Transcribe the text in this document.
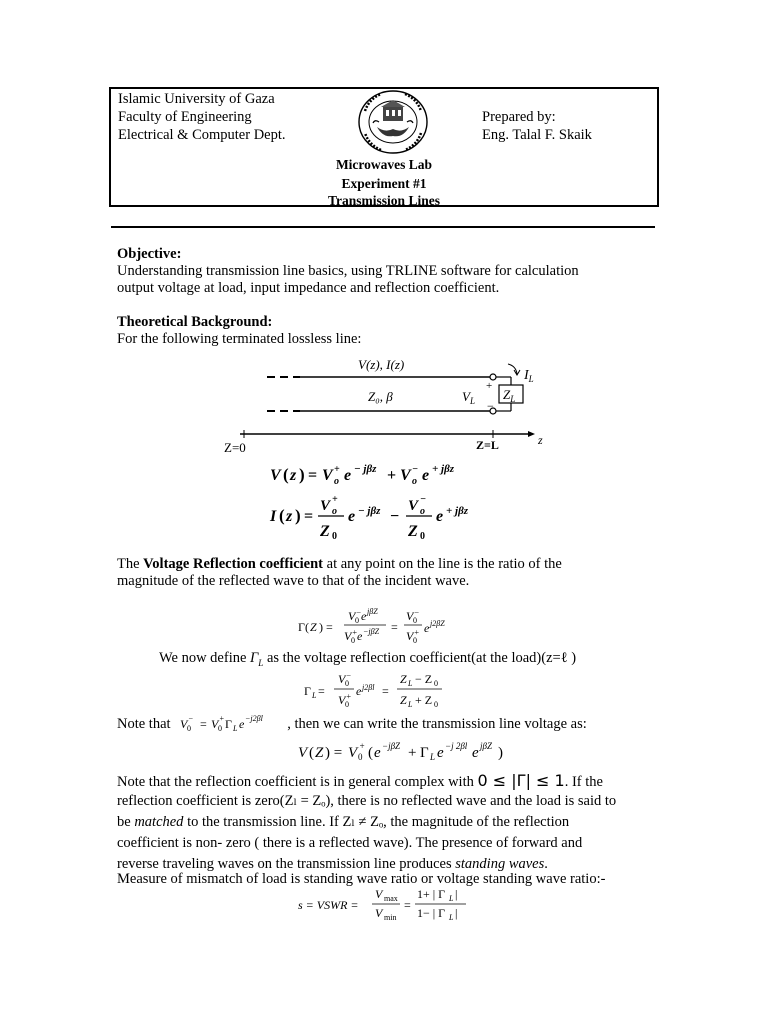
Islamic University of Gaza
Faculty of Engineering
Electrical & Computer Dept.
Prepared by:
Eng. Talal F. Skaik
Microwaves Lab
Experiment #1
Transmission Lines
Objective:
Understanding transmission line basics, using TRLINE software for calculation
output voltage at load, input impedance and reflection coefficient.
Theoretical Background:
For the following terminated lossless line:
+
−
V(z), I(z)
Z₀, β	$V_L$ $Z_L$
$I_L$
Z=0	Z=L	z
V ( z ) = V +
o e − jβz + V −
o e + jβz
I ( z ) =
V +
o
Z 0
e − jβz −
V −
o
Z 0
e + jβz
The Voltage Reflection coefficient at any point on the line is the ratio of the
magnitude of the reflected wave to that of the incident wave.
Γ( Z ) =
V 0
− e jβZ
V 0
+ e −jβZ =
V 0
−
V 0
+ e j2βZ
We now define $\Gamma_L$ as the voltage reflection coefficient(at the load)(z=ℓ )
Γ L =
V 0
−
V 0
+ e j2βl =
Z L − Z 0
Z L + Z 0
Note that	, then we can write the transmission line voltage as:
V 0
− = V 0
+ Γ L e −j2βl
V ( Z ) = V 0
+ ( e −jβZ + Γ L e −j 2βl e jβZ )
Note that the reflection coefficient is in general complex with 0 ≤ |Γ| ≤ 1. If the
reflection coefficient is zero(Zₗ = Zₒ), there is no reflected wave and the load is said to
be matched to the transmission line. If Zₗ ≠ Zₒ, the magnitude of the reflection
coefficient is non- zero ( there is a reflected wave). The presence of forward and
reverse traveling waves on the transmission line produces standing waves.
Measure of mismatch of load is standing wave ratio or voltage standing wave ratio:-
s = VSWR =
V max
V min
=
1+ | Γ L |
1− | Γ L |
